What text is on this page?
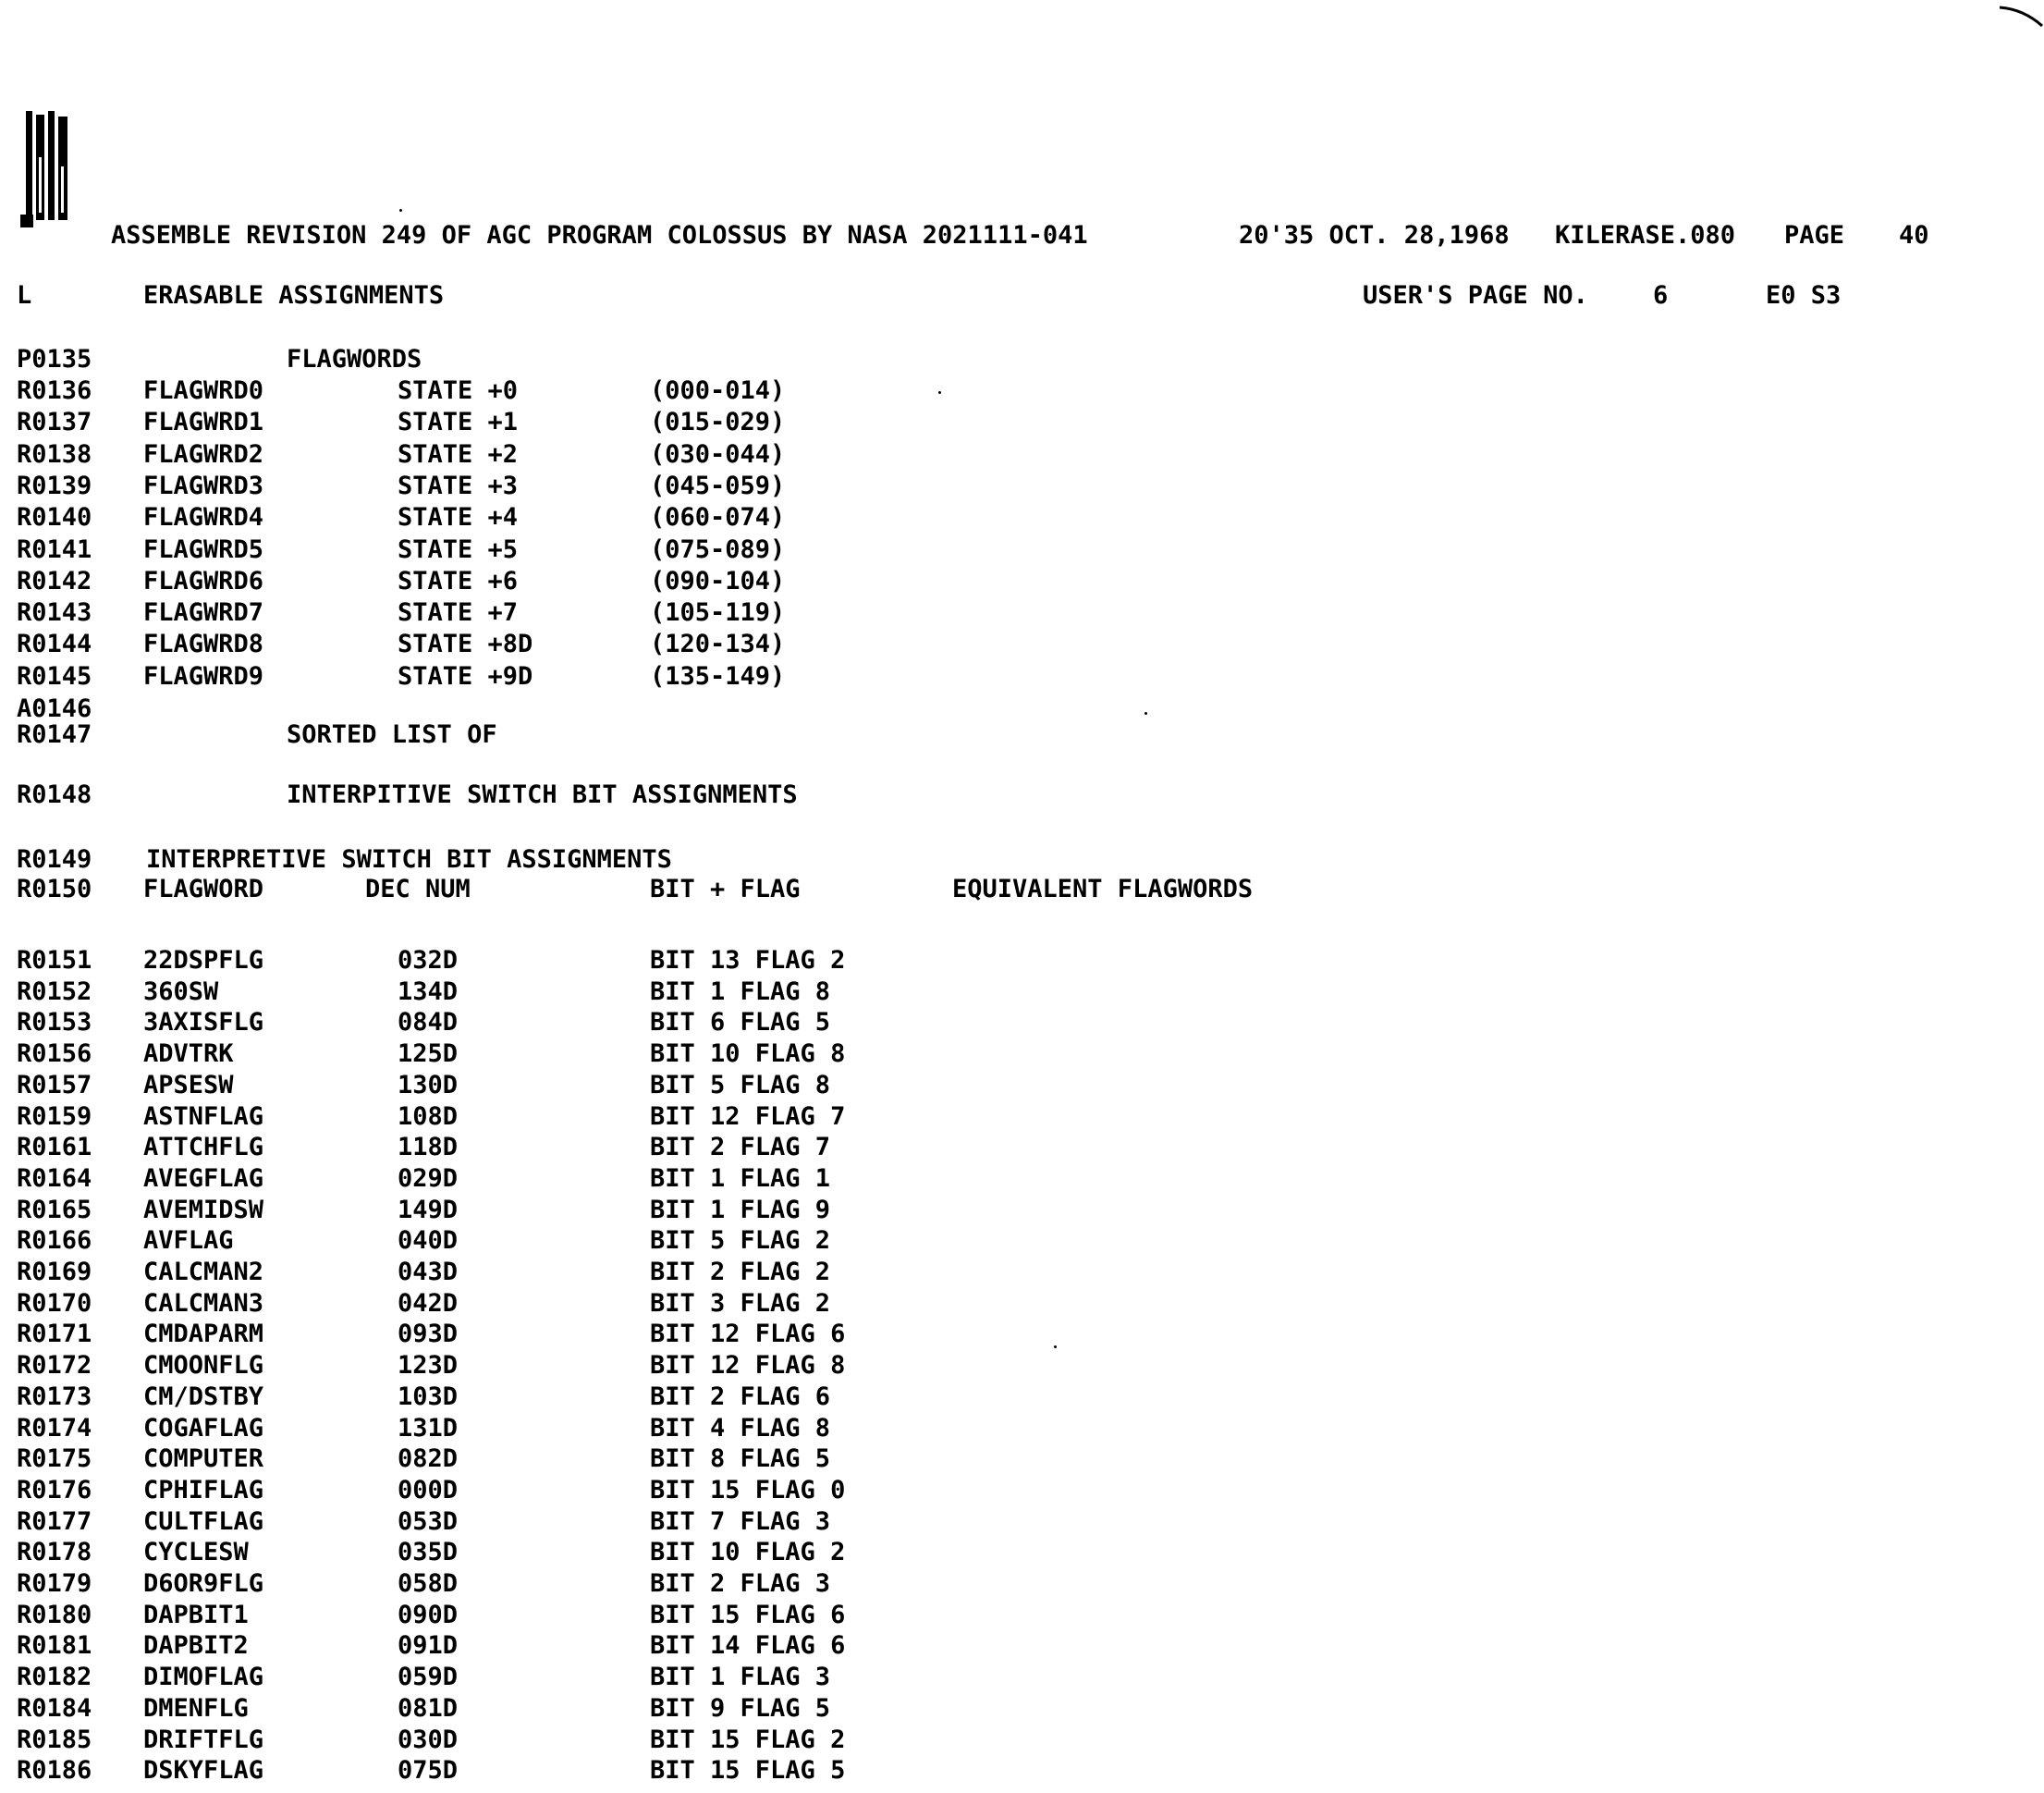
ASSEMBLE REVISION 249 OF AGC PROGRAM COLOSSUS BY NASA 2021111-041	20'35 OCT. 28,1968 KILERASE.080 PAGE 40
L	ERASABLE ASSIGNMENTS	USER'S PAGE NO.	6	E0 S3
P0135	FLAGWORDS
R0136 FLAGWRD0	STATE +0	(000-014)
R0137 FLAGWRD1	STATE +1	(015-029)
R0138 FLAGWRD2	STATE +2	(030-044)
R0139 FLAGWRD3	STATE +3	(045-059)
R0140 FLAGWRD4	STATE +4	(060-074)
R0141 FLAGWRD5	STATE +5	(075-089)
R0142 FLAGWRD6	STATE +6	(090-104)
R0143 FLAGWRD7	STATE +7	(105-119)
R0144 FLAGWRD8	STATE +8D	(120-134)
R0145 FLAGWRD9	STATE +9D	(135-149)
A0146
R0147	SORTED LIST OF
R0148	INTERPITIVE SWITCH BIT ASSIGNMENTS
R0149 INTERPRETIVE SWITCH BIT ASSIGNMENTS
R0150 FLAGWORD	DEC NUM	BIT + FLAG	EQUIVALENT FLAGWORDS
R0151 22DSPFLG	032D	BIT 13 FLAG 2
R0152 360SW	134D	BIT 1 FLAG 8
R0153 3AXISFLG	084D	BIT 6 FLAG 5
R0156 ADVTRK	125D	BIT 10 FLAG 8
R0157 APSESW	130D	BIT 5 FLAG 8
R0159 ASTNFLAG	108D	BIT 12 FLAG 7
R0161 ATTCHFLG	118D	BIT 2 FLAG 7
R0164 AVEGFLAG	029D	BIT 1 FLAG 1
R0165 AVEMIDSW	149D	BIT 1 FLAG 9
R0166 AVFLAG	040D	BIT 5 FLAG 2
R0169 CALCMAN2	043D	BIT 2 FLAG 2
R0170 CALCMAN3	042D	BIT 3 FLAG 2
R0171 CMDAPARM	093D	BIT 12 FLAG 6
R0172 CMOONFLG	123D	BIT 12 FLAG 8
R0173 CM/DSTBY	103D	BIT 2 FLAG 6
R0174 COGAFLAG	131D	BIT 4 FLAG 8
R0175 COMPUTER	082D	BIT 8 FLAG 5
R0176 CPHIFLAG	000D	BIT 15 FLAG 0
R0177 CULTFLAG	053D	BIT 7 FLAG 3
R0178 CYCLESW	035D	BIT 10 FLAG 2
R0179 D6OR9FLG	058D	BIT 2 FLAG 3
R0180 DAPBIT1	090D	BIT 15 FLAG 6
R0181 DAPBIT2	091D	BIT 14 FLAG 6
R0182 DIMOFLAG	059D	BIT 1 FLAG 3
R0184 DMENFLG	081D	BIT 9 FLAG 5
R0185 DRIFTFLG	030D	BIT 15 FLAG 2
R0186 DSKYFLAG	075D	BIT 15 FLAG 5
